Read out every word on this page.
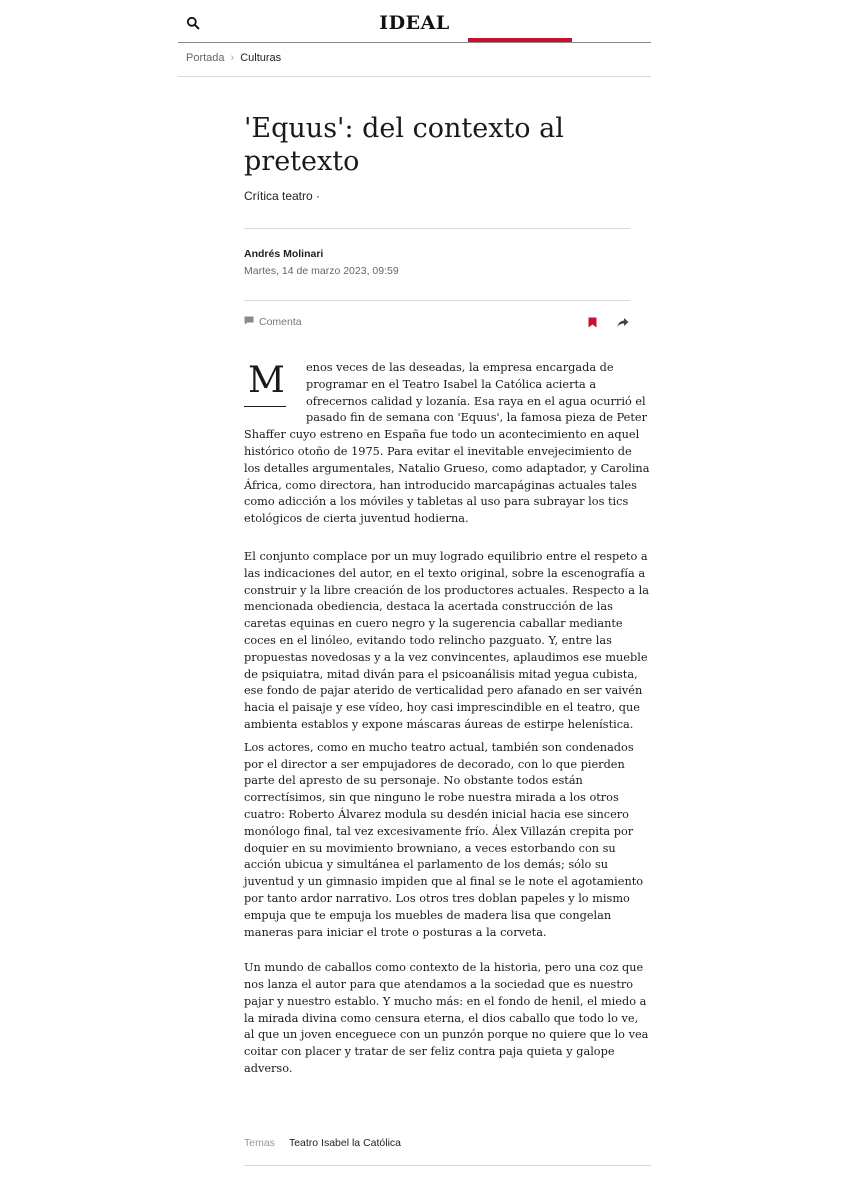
IDEAL
Portada › Culturas
'Equus': del contexto al pretexto
Crítica teatro ·
Andrés Molinari
Martes, 14 de marzo 2023, 09:59
Comenta
M	enos veces de las deseadas, la empresa encargada de programar en el Teatro Isabel la Católica acierta a ofrecernos calidad y lozanía. Esa raya en el agua ocurrió el pasado fin de semana con 'Equus', la famosa pieza de Peter Shaffer cuyo estreno en España fue todo un acontecimiento en aquel histórico otoño de 1975. Para evitar el inevitable envejecimiento de los detalles argumentales, Natalio Grueso, como adaptador, y Carolina África, como directora, han introducido marcapáginas actuales tales como adicción a los móviles y tabletas al uso para subrayar los tics etológicos de cierta juventud hodierna.

El conjunto complace por un muy logrado equilibrio entre el respeto a las indicaciones del autor, en el texto original, sobre la escenografía a construir y la libre creación de los productores actuales. Respecto a la mencionada obediencia, destaca la acertada construcción de las caretas equinas en cuero negro y la sugerencia caballar mediante coces en el linóleo, evitando todo relincho pazguato. Y, entre las propuestas novedosas y a la vez convincentes, aplaudimos ese mueble de psiquiatra, mitad diván para el psicoanálisis mitad yegua cubista, ese fondo de pajar aterido de verticalidad pero afanado en ser vaivén hacia el paisaje y ese vídeo, hoy casi imprescindible en el teatro, que ambienta establos y expone máscaras áureas de estirpe helenística.

Los actores, como en mucho teatro actual, también son condenados por el director a ser empujadores de decorado, con lo que pierden parte del apresto de su personaje. No obstante todos están correctísimos, sin que ninguno le robe nuestra mirada a los otros cuatro: Roberto Álvarez modula su desdén inicial hacia ese sincero monólogo final, tal vez excesivamente frío. Álex Villazán crepita por doquier en su movimiento browniano, a veces estorbando con su acción ubicua y simultánea el parlamento de los demás; sólo su juventud y un gimnasio impiden que al final se le note el agotamiento por tanto ardor narrativo. Los otros tres doblan papeles y lo mismo empuja que te empuja los muebles de madera lisa que congelan maneras para iniciar el trote o posturas a la corveta.

Un mundo de caballos como contexto de la historia, pero una coz que nos lanza el autor para que atendamos a la sociedad que es nuestro pajar y nuestro establo. Y mucho más: en el fondo de henil, el miedo a la mirada divina como censura eterna, el dios caballo que todo lo ve, al que un joven enceguece con un punzón porque no quiere que lo vea coitar con placer y tratar de ser feliz contra paja quieta y galope adverso.

Temas Teatro Isabel la Católica
